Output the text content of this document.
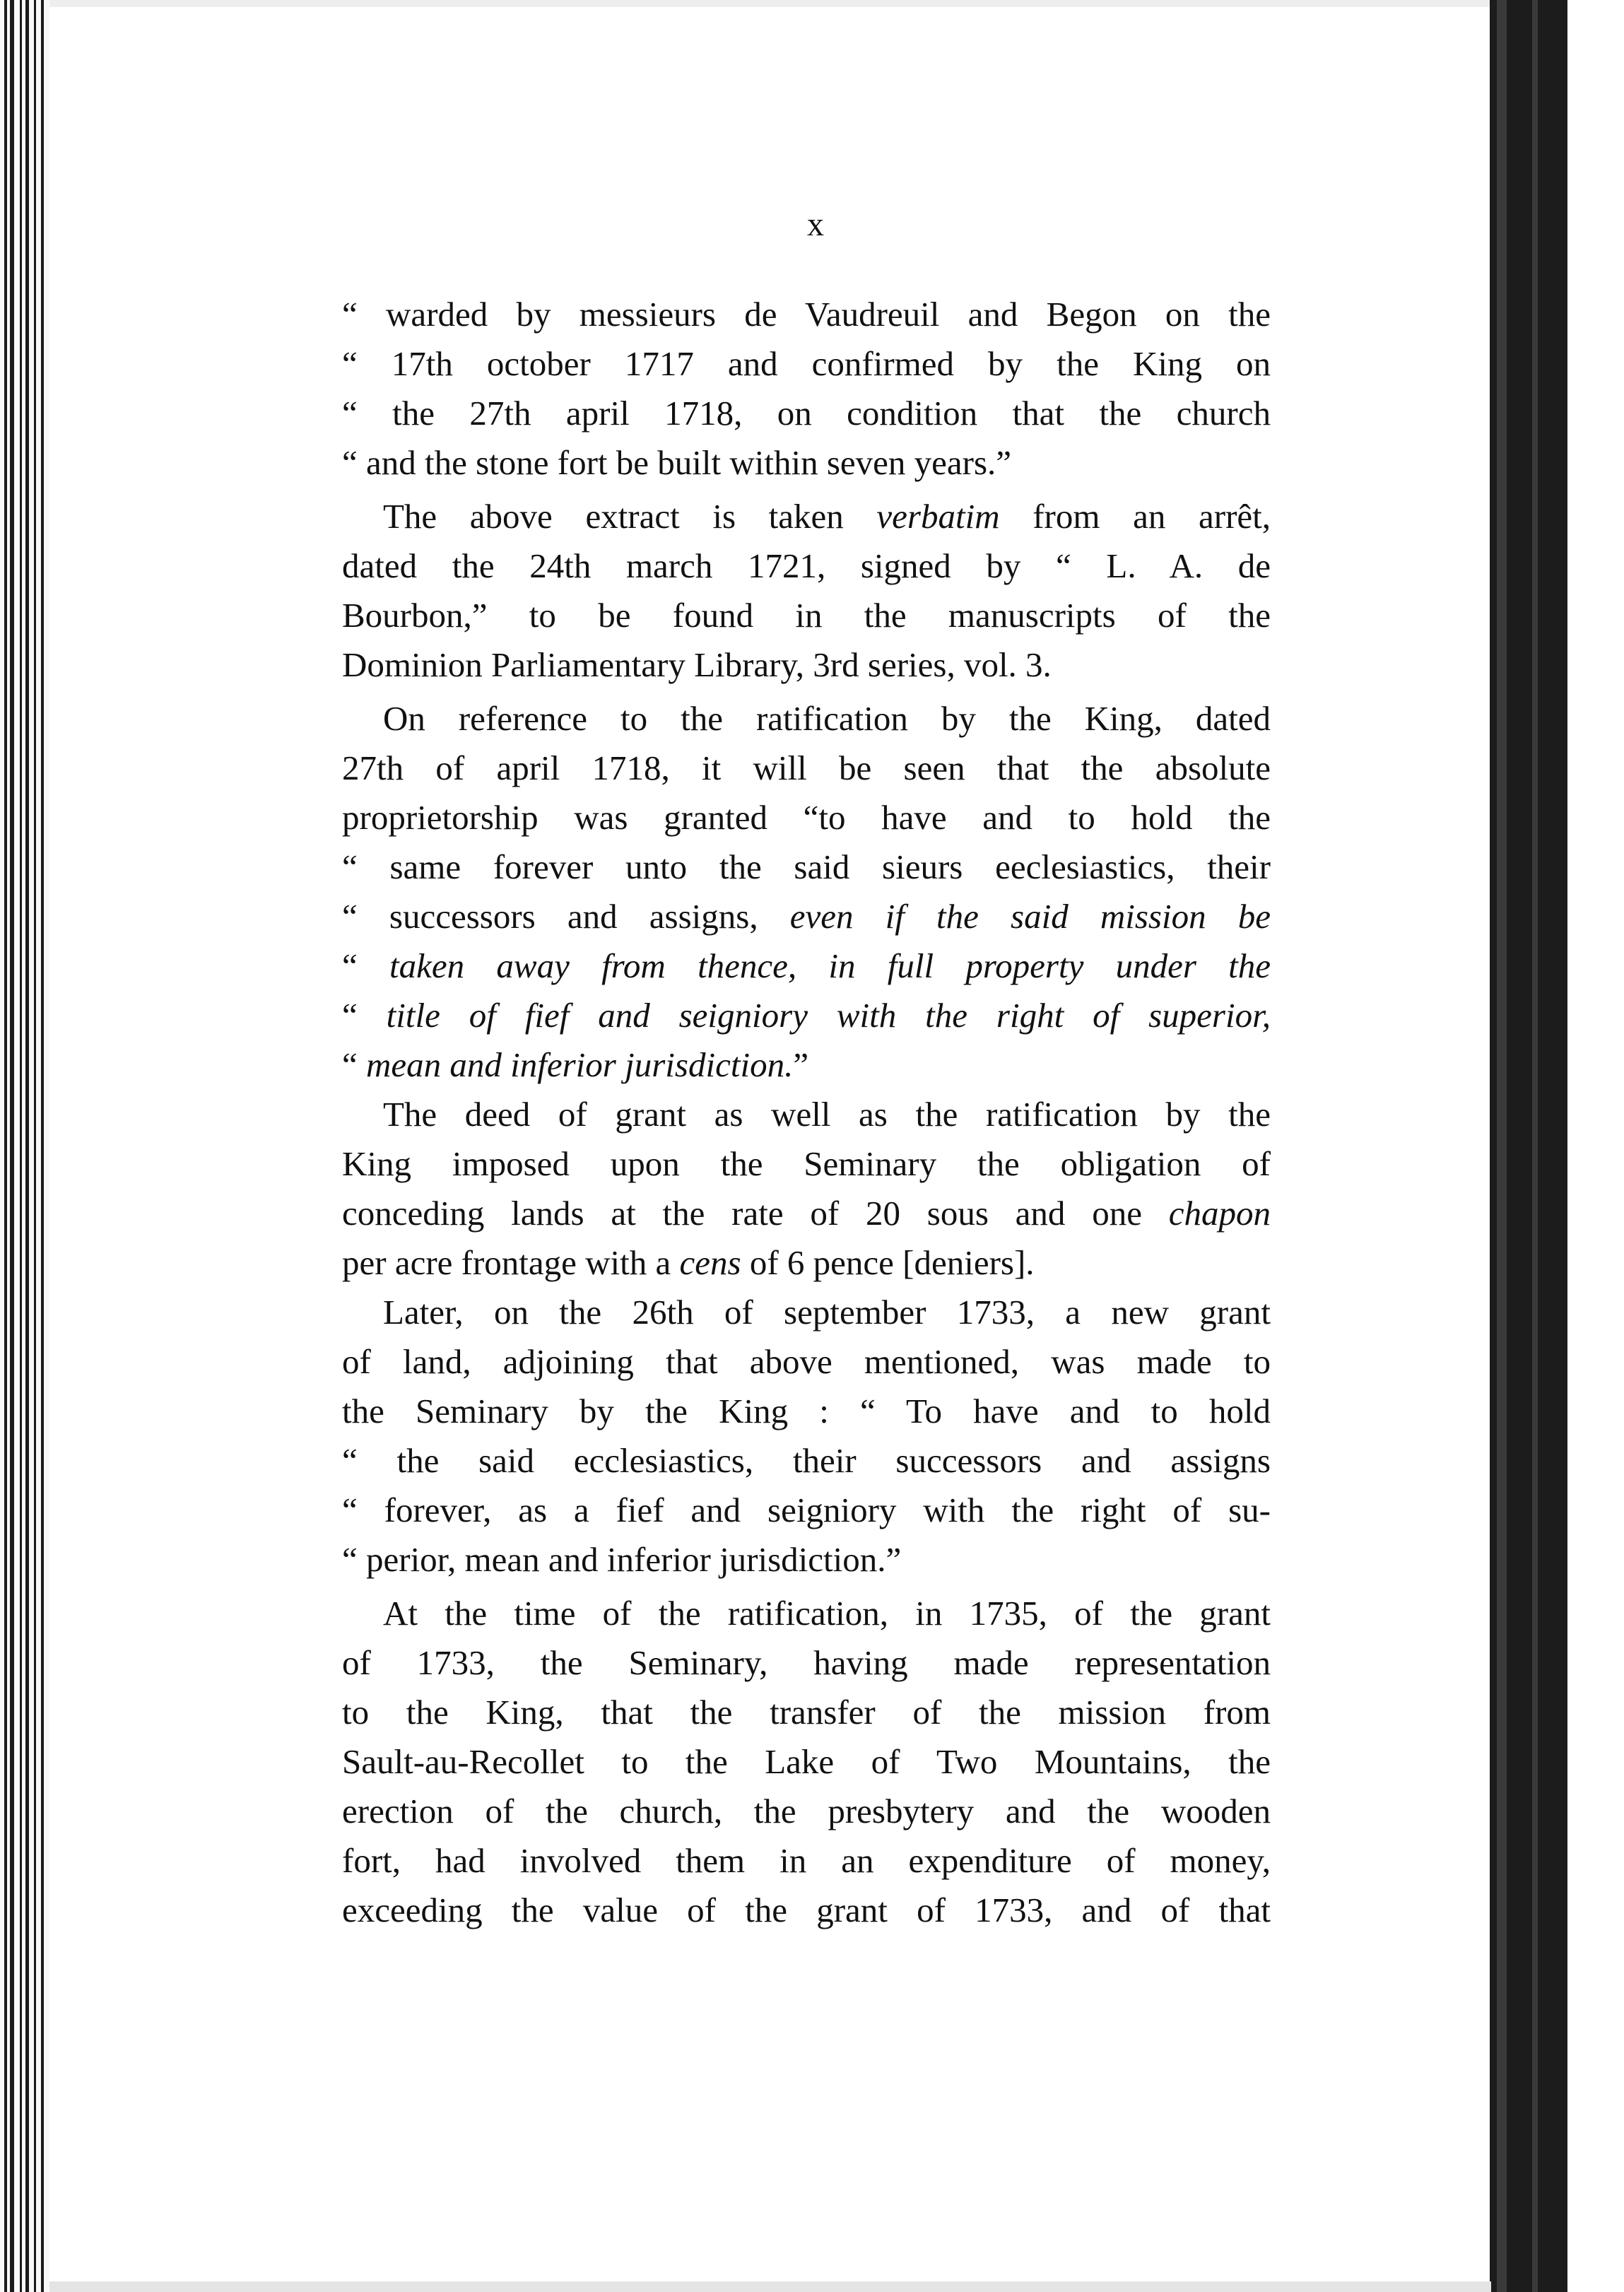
x
“ warded by messieurs de Vaudreuil and Begon on the
“ 17th october 1717 and confirmed by the King on
“ the 27th april 1718, on condition that the church
“ and the stone fort be built within seven years.”
The above extract is taken verbatim from an arrêt,
dated the 24th march 1721, signed by “ L. A. de
Bourbon,” to be found in the manuscripts of the
Dominion Parliamentary Library, 3rd series, vol. 3.
On reference to the ratification by the King, dated
27th of april 1718, it will be seen that the absolute
proprietorship was granted “to have and to hold the
“ same forever unto the said sieurs eeclesiastics, their
“ successors and assigns, even if the said mission be
“ taken away from thence, in full property under the
“ title of fief and seigniory with the right of superior,
“ mean and inferior jurisdiction.”
The deed of grant as well as the ratification by the
King imposed upon the Seminary the obligation of
conceding lands at the rate of 20 sous and one chapon
per acre frontage with a cens of 6 pence [deniers].
Later, on the 26th of september 1733, a new grant
of land, adjoining that above mentioned, was made to
the Seminary by the King : “ To have and to hold
“ the said ecclesiastics, their successors and assigns
“ forever, as a fief and seigniory with the right of su-
“ perior, mean and inferior jurisdiction.”
At the time of the ratification, in 1735, of the grant
of 1733, the Seminary, having made representation
to the King, that the transfer of the mission from
Sault-au-Recollet to the Lake of Two Mountains, the
erection of the church, the presbytery and the wooden
fort, had involved them in an expenditure of money,
exceeding the value of the grant of 1733, and of that
